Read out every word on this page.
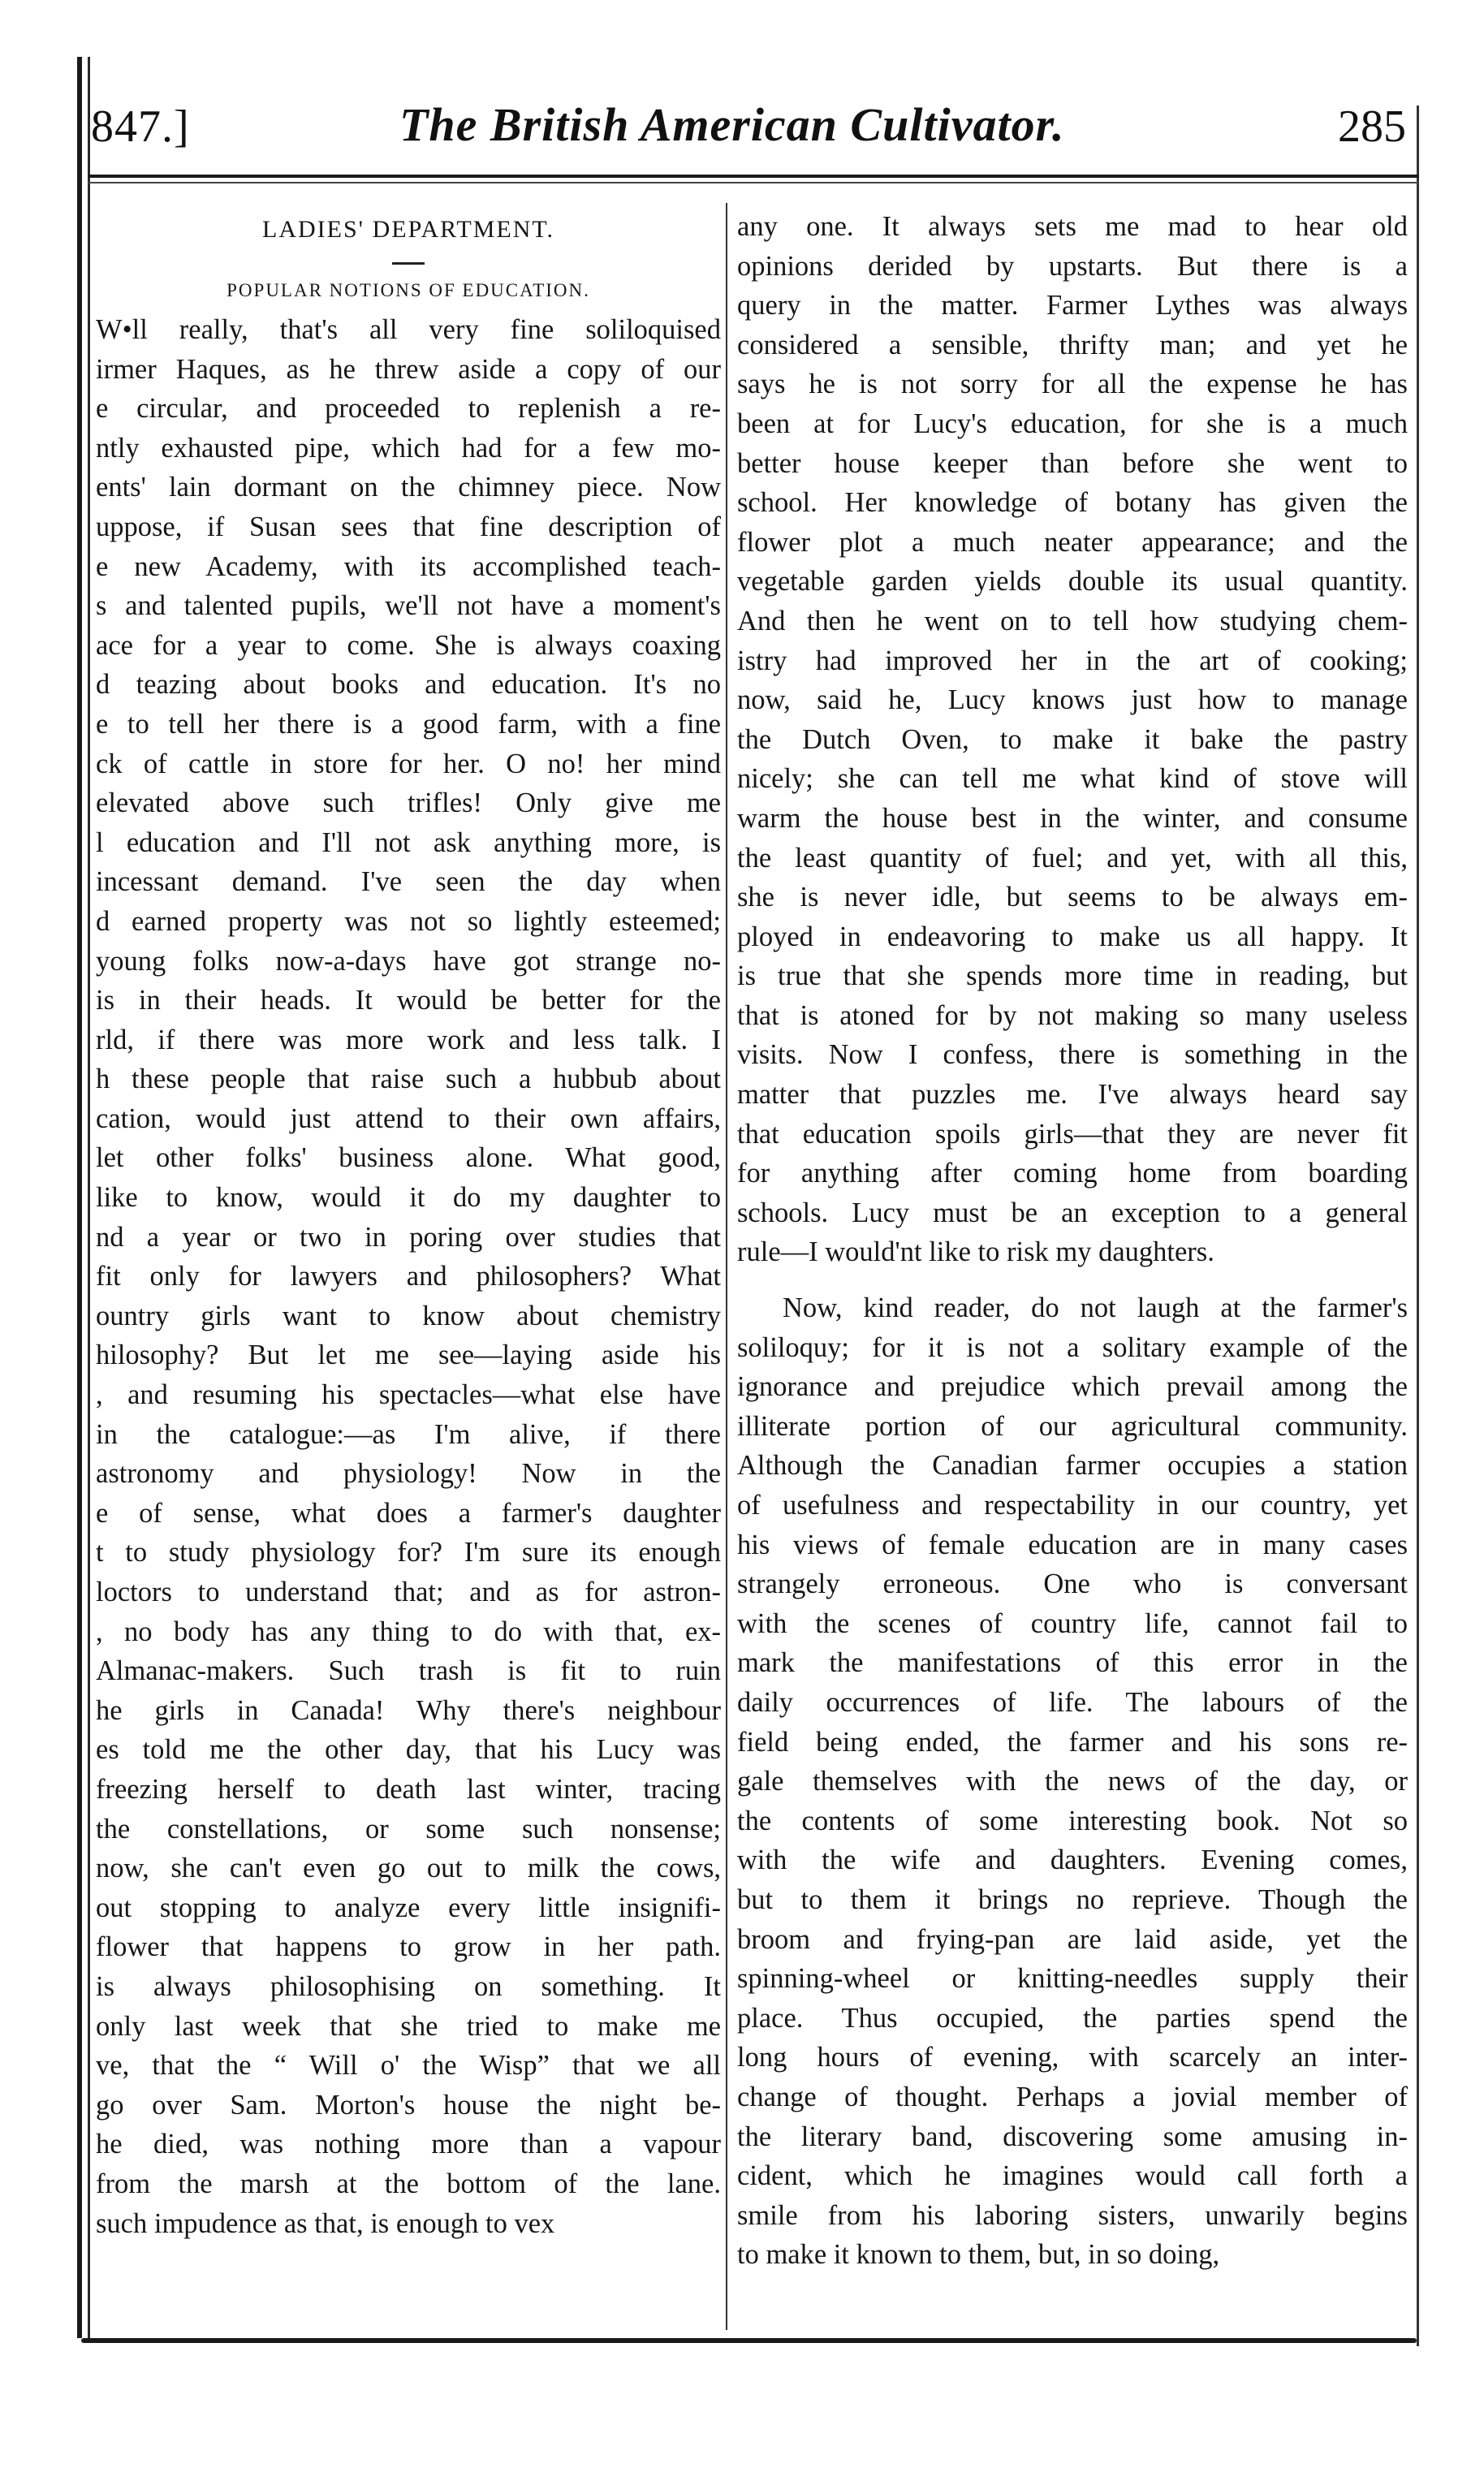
847.]	The British American Cultivator.	285
LADIES' DEPARTMENT.
POPULAR NOTIONS OF EDUCATION.
W•ll really, that's all very fine soliloquised
irmer Haques, as he threw aside a copy of our
e circular, and proceeded to replenish a re-
ntly exhausted pipe, which had for a few mo-
ents' lain dormant on the chimney piece. Now
uppose, if Susan sees that fine description of
e new Academy, with its accomplished teach-
s and talented pupils, we'll not have a moment's
ace for a year to come. She is always coaxing
d teazing about books and education. It's no
e to tell her there is a good farm, with a fine
ck of cattle in store for her. O no! her mind
elevated above such trifles! Only give me
l education and I'll not ask anything more, is
incessant demand. I've seen the day when
d earned property was not so lightly esteemed;
young folks now-a-days have got strange no-
is in their heads. It would be better for the
rld, if there was more work and less talk. I
h these people that raise such a hubbub about
cation, would just attend to their own affairs,
let other folks' business alone. What good,
like to know, would it do my daughter to
nd a year or two in poring over studies that
fit only for lawyers and philosophers? What
ountry girls want to know about chemistry
hilosophy? But let me see—laying aside his
, and resuming his spectacles—what else have
in the catalogue:—as I'm alive, if there
astronomy and physiology! Now in the
e of sense, what does a farmer's daughter
t to study physiology for? I'm sure its enough
loctors to understand that; and as for astron-
, no body has any thing to do with that, ex-
Almanac-makers. Such trash is fit to ruin
he girls in Canada! Why there's neighbour
es told me the other day, that his Lucy was
freezing herself to death last winter, tracing
the constellations, or some such nonsense;
now, she can't even go out to milk the cows,
out stopping to analyze every little insignifi-
flower that happens to grow in her path.
is always philosophising on something. It
only last week that she tried to make me
ve, that the “ Will o' the Wisp” that we all
go over Sam. Morton's house the night be-
he died, was nothing more than a vapour
from the marsh at the bottom of the lane.
such impudence as that, is enough to vex
any one. It always sets me mad to hear old
opinions derided by upstarts. But there is a
query in the matter. Farmer Lythes was always
considered a sensible, thrifty man; and yet he
says he is not sorry for all the expense he has
been at for Lucy's education, for she is a much
better house keeper than before she went to
school. Her knowledge of botany has given the
flower plot a much neater appearance; and the
vegetable garden yields double its usual quantity.
And then he went on to tell how studying chem-
istry had improved her in the art of cooking;
now, said he, Lucy knows just how to manage
the Dutch Oven, to make it bake the pastry
nicely; she can tell me what kind of stove will
warm the house best in the winter, and consume
the least quantity of fuel; and yet, with all this,
she is never idle, but seems to be always em-
ployed in endeavoring to make us all happy. It
is true that she spends more time in reading, but
that is atoned for by not making so many useless
visits. Now I confess, there is something in the
matter that puzzles me. I've always heard say
that education spoils girls—that they are never fit
for anything after coming home from boarding
schools. Lucy must be an exception to a general
rule—I would'nt like to risk my daughters.
Now, kind reader, do not laugh at the farmer's
soliloquy; for it is not a solitary example of the
ignorance and prejudice which prevail among the
illiterate portion of our agricultural community.
Although the Canadian farmer occupies a station
of usefulness and respectability in our country, yet
his views of female education are in many cases
strangely erroneous. One who is conversant
with the scenes of country life, cannot fail to
mark the manifestations of this error in the
daily occurrences of life. The labours of the
field being ended, the farmer and his sons re-
gale themselves with the news of the day, or
the contents of some interesting book. Not so
with the wife and daughters. Evening comes,
but to them it brings no reprieve. Though the
broom and frying-pan are laid aside, yet the
spinning-wheel or knitting-needles supply their
place. Thus occupied, the parties spend the
long hours of evening, with scarcely an inter-
change of thought. Perhaps a jovial member of
the literary band, discovering some amusing in-
cident, which he imagines would call forth a
smile from his laboring sisters, unwarily begins
to make it known to them, but, in so doing,
